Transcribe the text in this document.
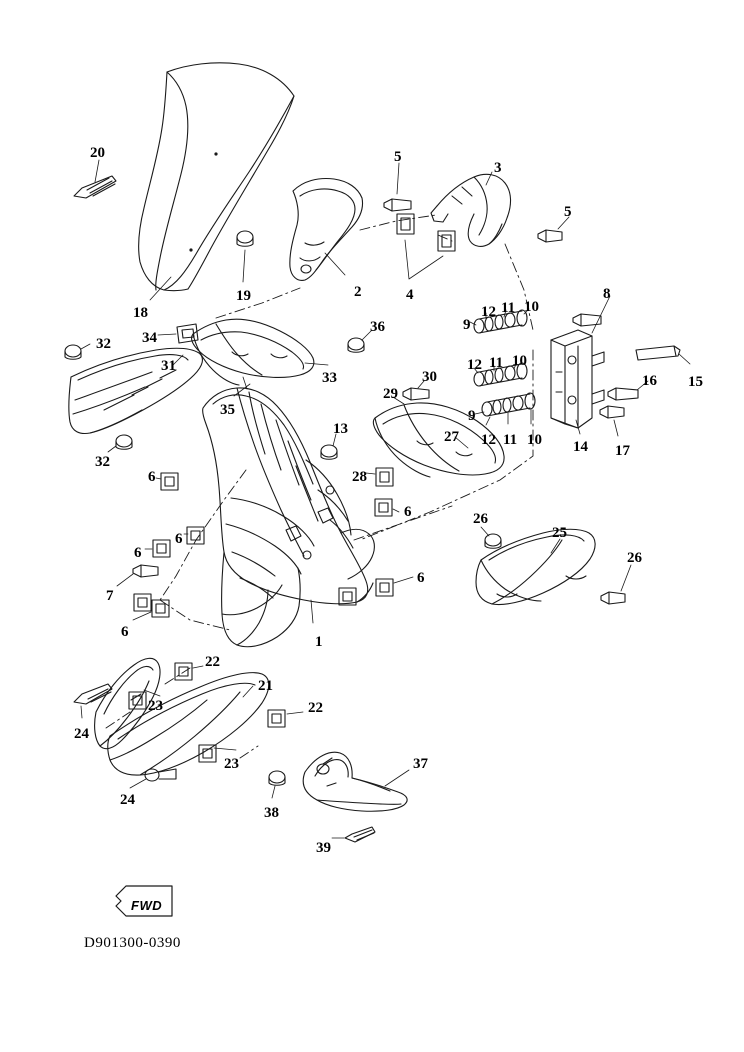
FWD
D901300-0390
20	5
3
5
18
19	2	4	8
12 11 10
9
32 34
36
31
33
12 11 10
16 15
35
29
30
9
27
14 17
32
13
12 11 10
28
6
6	26
25
6
6	26
6
7
6
1
22
21
23	22
24
23	37
24
38
39
